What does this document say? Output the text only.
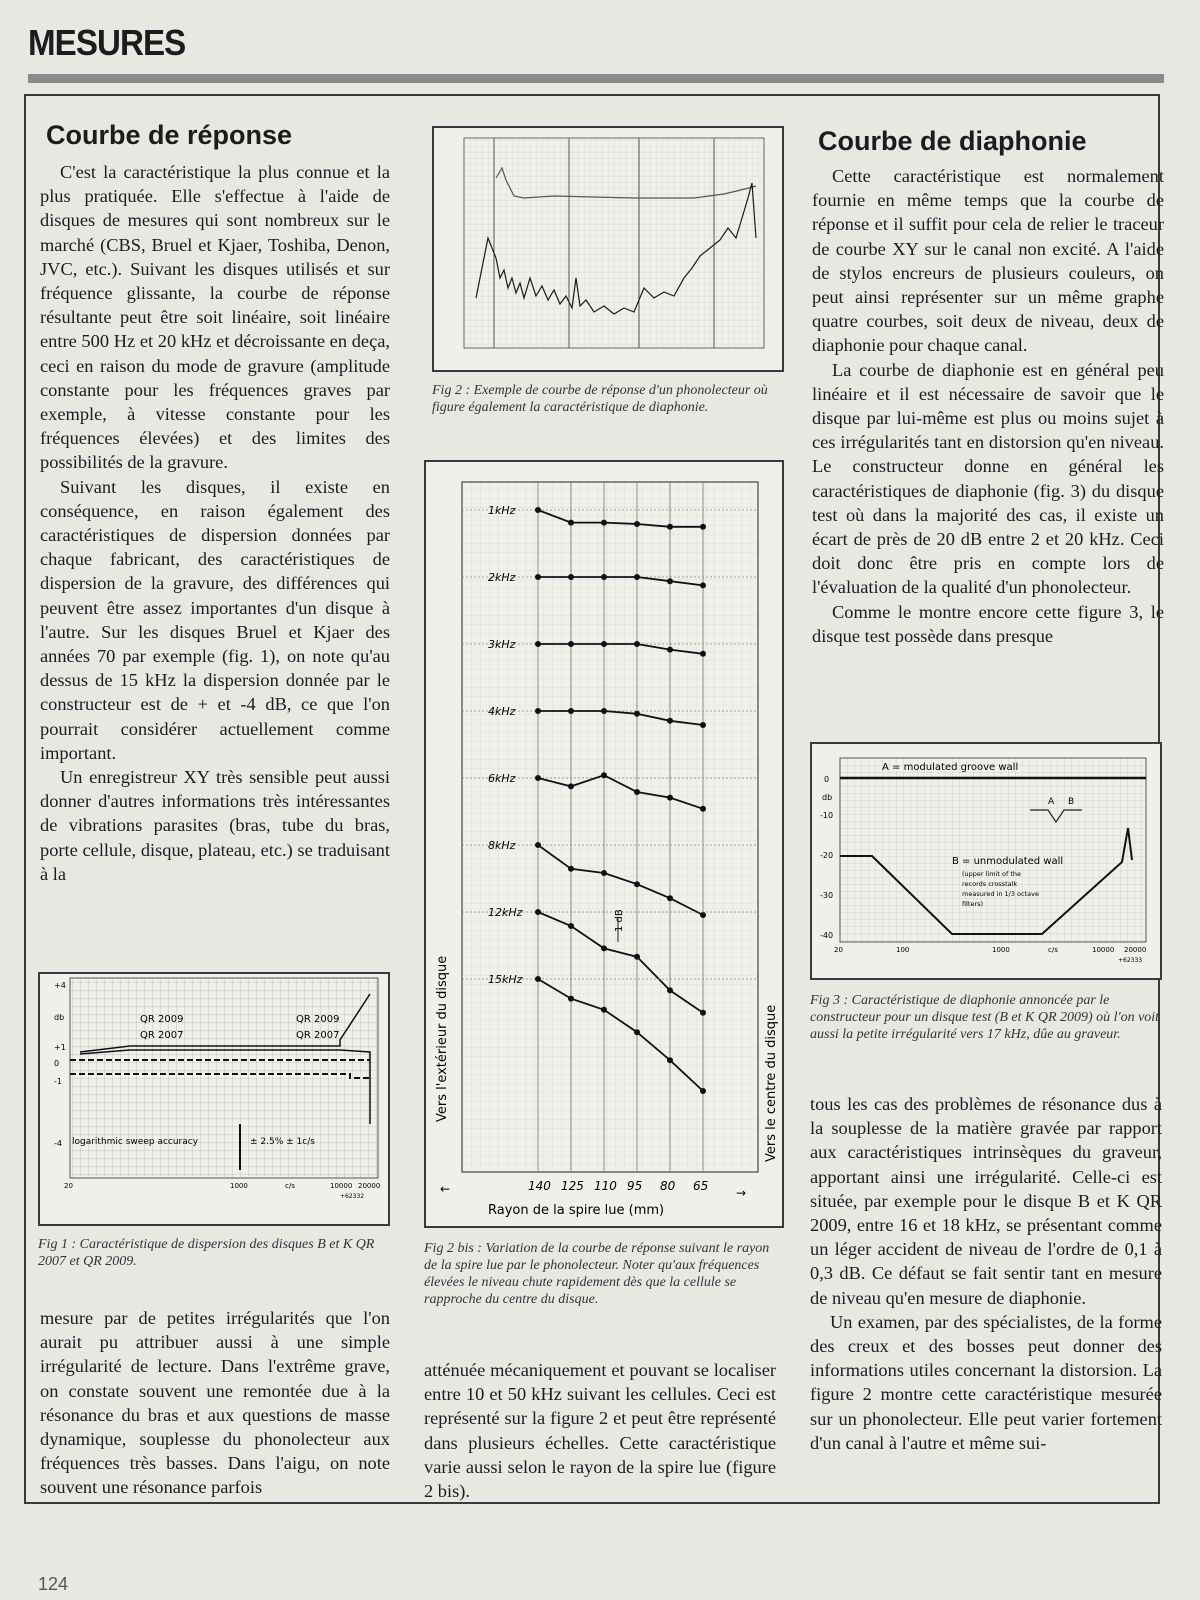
MESURES
Courbe de réponse

C'est la caractéristique la plus connue et la plus pratiquée. Elle s'effectue à l'aide de disques de mesures qui sont nombreux sur le marché (CBS, Bruel et Kjaer, Toshiba, Denon, JVC, etc.). Suivant les disques utilisés et sur fréquence glissante, la courbe de réponse résultante peut être soit linéaire, soit linéaire entre 500 Hz et 20 kHz et décroissante en deça, ceci en raison du mode de gravure (amplitude constante pour les fréquences graves par exemple, à vitesse constante pour les fréquences élevées) et des limites des possibilités de la gravure.

Suivant les disques, il existe en conséquence, en raison également des caractéristiques de dispersion données par chaque fabricant, des caractéristiques de dispersion de la gravure, des différences qui peuvent être assez importantes d'un disque à l'autre. Sur les disques Bruel et Kjaer des années 70 par exemple (fig. 1), on note qu'au dessus de 15 kHz la dispersion donnée par le constructeur est de + et -4 dB, ce que l'on pourrait considérer actuellement comme important.

Un enregistreur XY très sensible peut aussi donner d'autres informations très intéressantes de vibrations parasites (bras, tube du bras, porte cellule, disque, plateau, etc.) se traduisant à la

QR 2009
QR 2007
QR 2009
QR 2007
logarithmic sweep accuracy	± 2.5% ± 1c/s
+4
db
+1
0
-1
-4
20	1000	c/s	10000 20000
+62332
Fig 1 : Caractéristique de dispersion des disques B et K QR 2007 et QR 2009.

mesure par de petites irrégularités que l'on aurait pu attribuer aussi à une simple irrégularité de lecture. Dans l'extrême grave, on constate souvent une remontée due à la résonance du bras et aux questions de masse dynamique, souplesse du phonolecteur aux fréquences très basses. Dans l'aigu, on note souvent une résonance parfois

Fig 2 : Exemple de courbe de réponse d'un phonolecteur où figure également la caractéristique de diaphonie.
140 125 110 95 80 65
1kHz
2kHz
3kHz
4kHz
6kHz
8kHz
12kHz
15kHz
Vers l'extérieur du disque	Vers le centre du disque
Rayon de la spire lue (mm)
1 dB
←	→
Fig 2 bis : Variation de la courbe de réponse suivant le rayon de la spire lue par le phonolecteur. Noter qu'aux fréquences élevées le niveau chute rapidement dès que la cellule se rapproche du centre du disque.

atténuée mécaniquement et pouvant se localiser entre 10 et 50 kHz suivant les cellules. Ceci est représenté sur la figure 2 et peut être représenté dans plusieurs échelles. Cette caractéristique varie aussi selon le rayon de la spire lue (figure 2 bis).

Courbe de diaphonie

Cette caractéristique est normalement fournie en même temps que la courbe de réponse et il suffit pour cela de relier le traceur de courbe XY sur le canal non excité. A l'aide de stylos encreurs de plusieurs couleurs, on peut ainsi représenter sur un même graphe quatre courbes, soit deux de niveau, deux de diaphonie pour chaque canal.

La courbe de diaphonie est en général peu linéaire et il est nécessaire de savoir que le disque par lui-même est plus ou moins sujet à ces irrégularités tant en distorsion qu'en niveau. Le constructeur donne en général les caractéristiques de diaphonie (fig. 3) du disque test où dans la majorité des cas, il existe un écart de près de 20 dB entre 2 et 20 kHz. Ceci doit donc être pris en compte lors de l'évaluation de la qualité d'un phonolecteur.

Comme le montre encore cette figure 3, le disque test possède dans presque

A = modulated groove wall
B = unmodulated wall
(upper limit of the
records crosstalk
measured in 1/3 octave
filters)
A B
0
db
-10
-20
-30
-40
20	100	1000	c/s	10000 20000
+62333
Fig 3 : Caractéristique de diaphonie annoncée par le constructeur pour un disque test (B et K QR 2009) où l'on voit aussi la petite irrégularité vers 17 kHz, dûe au graveur.

tous les cas des problèmes de résonance dus à la souplesse de la matière gravée par rapport aux caractéristiques intrinsèques du graveur, apportant ainsi une irrégularité. Celle-ci est située, par exemple pour le disque B et K QR 2009, entre 16 et 18 kHz, se présentant comme un léger accident de niveau de l'ordre de 0,1 à 0,3 dB. Ce défaut se fait sentir tant en mesure de niveau qu'en mesure de diaphonie.

Un examen, par des spécialistes, de la forme des creux et des bosses peut donner des informations utiles concernant la distorsion. La figure 2 montre cette caractéristique mesurée sur un phonolecteur. Elle peut varier fortement d'un canal à l'autre et même sui-

124
